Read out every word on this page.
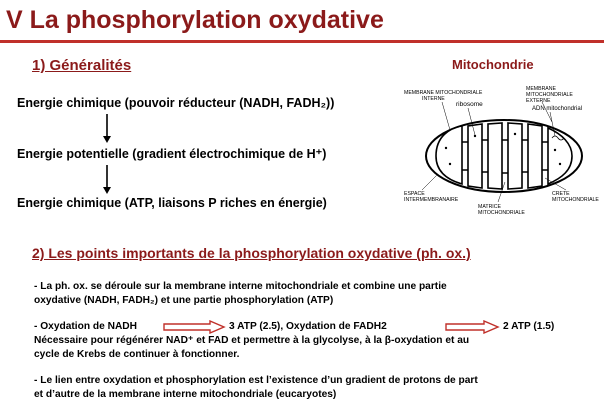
V La phosphorylation oxydative
1) Généralités
Energie chimique (pouvoir réducteur (NADH, FADH₂))
Energie potentielle (gradient électrochimique de H⁺)
Energie chimique (ATP, liaisons P riches en énergie)
Mitochondrie
MEMBRANE MITOCHONDRIALE
INTERNE
ribosome
MEMBRANE
MITOCHONDRIALE
EXTERNE
ADN mitochondrial
ESPACE
INTERMEMBRANAIRE
CRETE
MITOCHONDRIALE
MATRICE
MITOCHONDRIALE
2) Les points importants de la phosphorylation oxydative (ph. ox.)
- La ph. ox. se déroule sur la membrane interne mitochondriale et combine une partie
oxydative (NADH, FADH₂) et une partie phosphorylation (ATP)
- Oxydation de NADH	3 ATP (2.5), Oxydation de FADH2	2 ATP (1.5)
Nécessaire pour régénérer NAD⁺ et FAD et permettre à la glycolyse, à la β-oxydation et au
cycle de Krebs de continuer à fonctionner.
- Le lien entre oxydation et phosphorylation est l’existence d’un gradient de protons de part
et d’autre de la membrane interne mitochondriale (eucaryotes)
